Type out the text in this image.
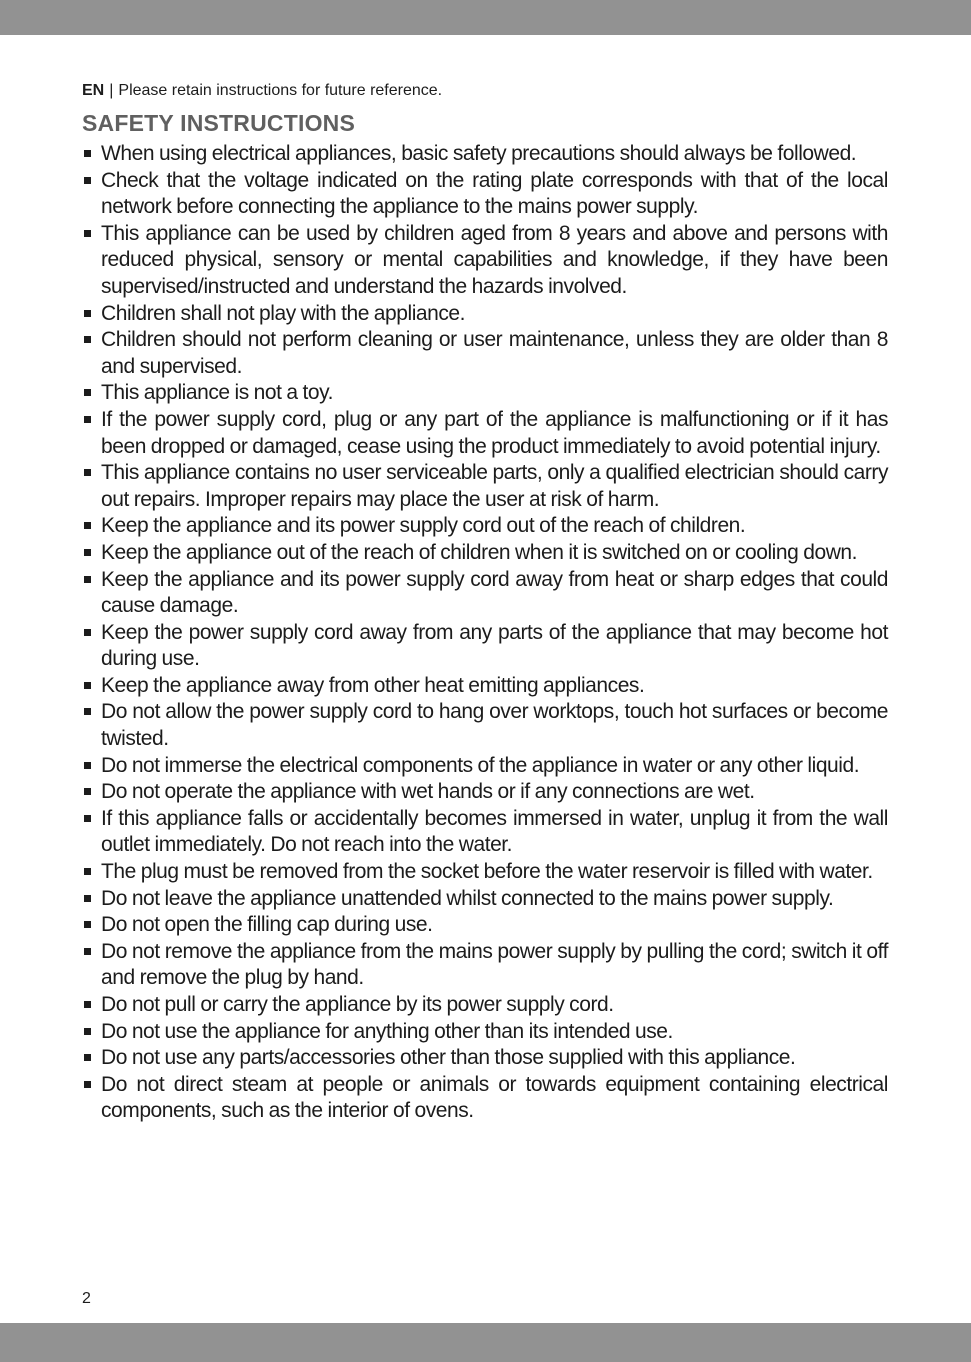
EN | Please retain instructions for future reference.
SAFETY INSTRUCTIONS
When using electrical appliances, basic safety precautions should always be followed.
Check that the voltage indicated on the rating plate corresponds with that of the local network before connecting the appliance to the mains power supply.
This appliance can be used by children aged from 8 years and above and persons with reduced physical, sensory or mental capabilities and knowledge, if they have been supervised/instructed and understand the hazards involved.
Children shall not play with the appliance.
Children should not perform cleaning or user maintenance, unless they are older than 8 and supervised.
This appliance is not a toy.
If the power supply cord, plug or any part of the appliance is malfunctioning or if it has been dropped or damaged, cease using the product immediately to avoid potential injury.
This appliance contains no user serviceable parts, only a qualified electrician should carry out repairs. Improper repairs may place the user at risk of harm.
Keep the appliance and its power supply cord out of the reach of children.
Keep the appliance out of the reach of children when it is switched on or cooling down.
Keep the appliance and its power supply cord away from heat or sharp edges that could cause damage.
Keep the power supply cord away from any parts of the appliance that may become hot during use.
Keep the appliance away from other heat emitting appliances.
Do not allow the power supply cord to hang over worktops, touch hot surfaces or become twisted.
Do not immerse the electrical components of the appliance in water or any other liquid.
Do not operate the appliance with wet hands or if any connections are wet.
If this appliance falls or accidentally becomes immersed in water, unplug it from the wall outlet immediately. Do not reach into the water.
The plug must be removed from the socket before the water reservoir is filled with water.
Do not leave the appliance unattended whilst connected to the mains power supply.
Do not open the filling cap during use.
Do not remove the appliance from the mains power supply by pulling the cord; switch it off and remove the plug by hand.
Do not pull or carry the appliance by its power supply cord.
Do not use the appliance for anything other than its intended use.
Do not use any parts/accessories other than those supplied with this appliance.
Do not direct steam at people or animals or towards equipment containing electrical components, such as the interior of ovens.
2
